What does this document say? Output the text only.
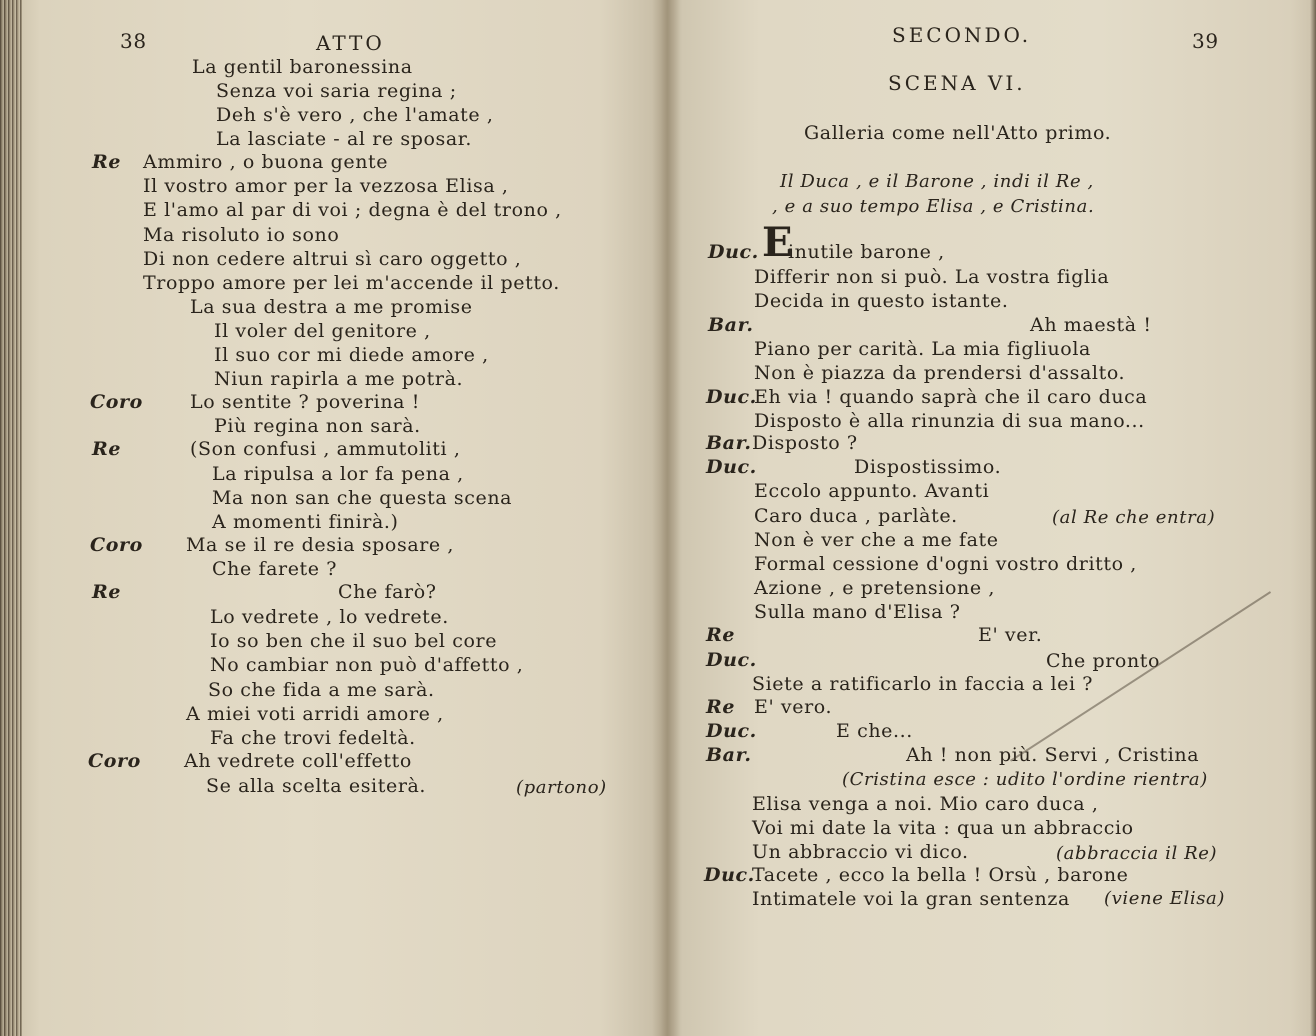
38	ATTO
La gentil baronessina
Senza voi saria regina ;
Deh s'è vero , che l'amate ,
La lasciate - al re sposar.
Re Ammiro , o buona gente
Il vostro amor per la vezzosa Elisa ,
E l'amo al par di voi ; degna è del trono ,
Ma risoluto io sono
Di non cedere altrui sì caro oggetto ,
Troppo amore per lei m'accende il petto.
La sua destra a me promise
Il voler del genitore ,
Il suo cor mi diede amore ,
Niun rapirla a me potrà.
Coro Lo sentite ? poverina !
Più regina non sarà.
Re	(Son confusi , ammutoliti ,
La ripulsa a lor fa pena ,
Ma non san che questa scena
A momenti finirà.)
Coro Ma se il re desia sposare ,
Che farete ?
Re	Che farò?
Lo vedrete , lo vedrete.
Io so ben che il suo bel core
No cambiar non può d'affetto ,
So che fida a me sarà.
A miei voti arridi amore ,
Fa che trovi fedeltà.
Coro Ah vedrete coll'effetto
Se alla scelta esiterà.	(partono)
SECONDO.	39
SCENA VI.
Galleria come nell'Atto primo.
Il Duca , e il Barone , indi il Re ,
, e a suo tempo Elisa , e Cristina.
Duc. E
inutile barone ,
Differir non si può. La vostra figlia
Decida in questo istante.
Bar.	Ah maestà !
Piano per carità. La mia figliuola
Non è piazza da prendersi d'assalto.
Duc.
Eh via ! quando saprà che il caro duca
Disposto è alla rinunzia di sua mano...
Bar. Disposto ?
Duc.	Dispostissimo.
Eccolo appunto. Avanti
Caro duca , parlàte.	(al Re che entra)
Non è ver che a me fate
Formal cessione d'ogni vostro dritto ,
Azione , e pretensione ,
Sulla mano d'Elisa ?
Re	E' ver.
Duc.	Che pronto
Siete a ratificarlo in faccia a lei ?
Re E' vero.
Duc.	E che...
Bar.	Ah ! non più. Servi , Cristina
(Cristina esce : udito l'ordine rientra)
Elisa venga a noi. Mio caro duca ,
Voi mi date la vita : qua un abbraccio
Un abbraccio vi dico.	(abbraccia il Re)
Duc.
Tacete , ecco la bella ! Orsù , barone
Intimatele voi la gran sentenza (viene Elisa)
